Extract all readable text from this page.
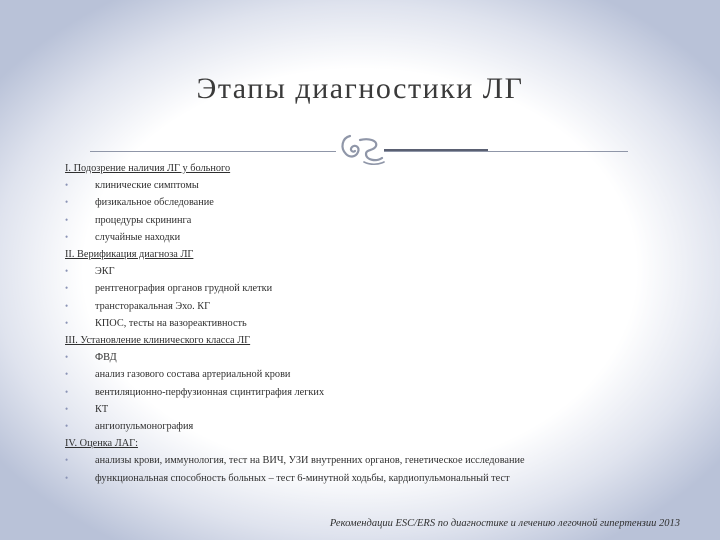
Этапы диагностики ЛГ
I. Подозрение наличия ЛГ у больного
•	клинические симптомы
•	физикальное обследование
•	процедуры скрининга
•	случайные находки
II. Верификация диагноза ЛГ
•	ЭКГ
•	рентгенография органов грудной клетки
•	трансторакальная Эхо. КГ
•	КПОС, тесты на вазореактивность
III. Установление клинического класса ЛГ
•	ФВД
•	анализ газового состава артериальной крови
•	вентиляционно-перфузионная сцинтиграфия легких
•	КТ
•	ангиопульмонография
IV. Оценка ЛАГ:
•	анализы крови, иммунология, тест на ВИЧ, УЗИ внутренних органов, генетическое исследование
•	функциональная способность больных – тест 6-минутной ходьбы, кардиопульмональный тест
Рекомендации ESC/ERS по диагностике и лечению легочной гипертензии 2013
